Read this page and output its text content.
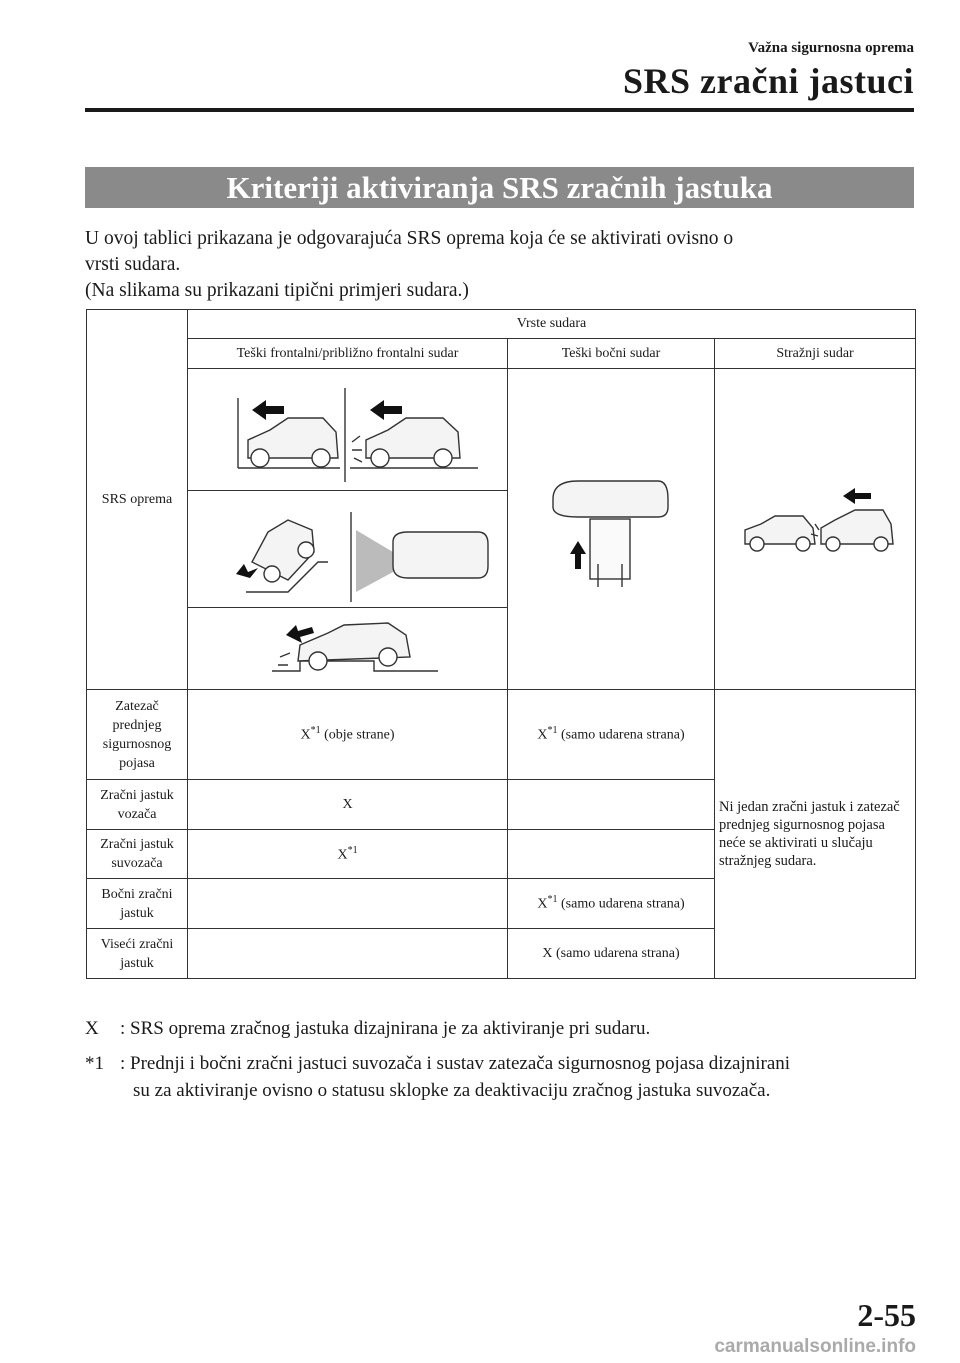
Važna sigurnosna oprema
SRS zračni jastuci
Kriteriji aktiviranja SRS zračnih jastuka

U ovoj tablici prikazana je odgovarajuća SRS oprema koja će se aktivirati ovisno o

vrsti sudara.

(Na slikama su prikazani tipični primjeri sudara.)

SRS oprema	Vrste sudara		
	Teški frontalni/približno frontalni sudar	Teški bočni sudar	Stražnji sudar

Zatezač prednjeg sigurnosnog pojasa	$X^{*1}$ (obje strane)	$X^{*1}$ (samo udarena strana)	Ni jedan zračni jastuk i zatezač prednjeg sigurnosnog pojasa neće se aktivirati u slučaju stražnjeg sudara.
Zračni jastuk vozača	X		
Zračni jastuk suvozača	$X^{*1}$	
Bočni zračni jastuk		$X^{*1}$ (samo udarena strana)	
Viseći zračni jastuk		X (samo udarena strana)	
X : SRS oprema zračnog jastuka dizajnirana je za aktiviranje pri sudaru.
*1 : Prednji i bočni zračni jastuci suvozača i sustav zatezača sigurnosnog pojasa dizajnirani
su za aktiviranje ovisno o statusu sklopke za deaktivaciju zračnog jastuka suvozača.
2-55
carmanualsonline.info
